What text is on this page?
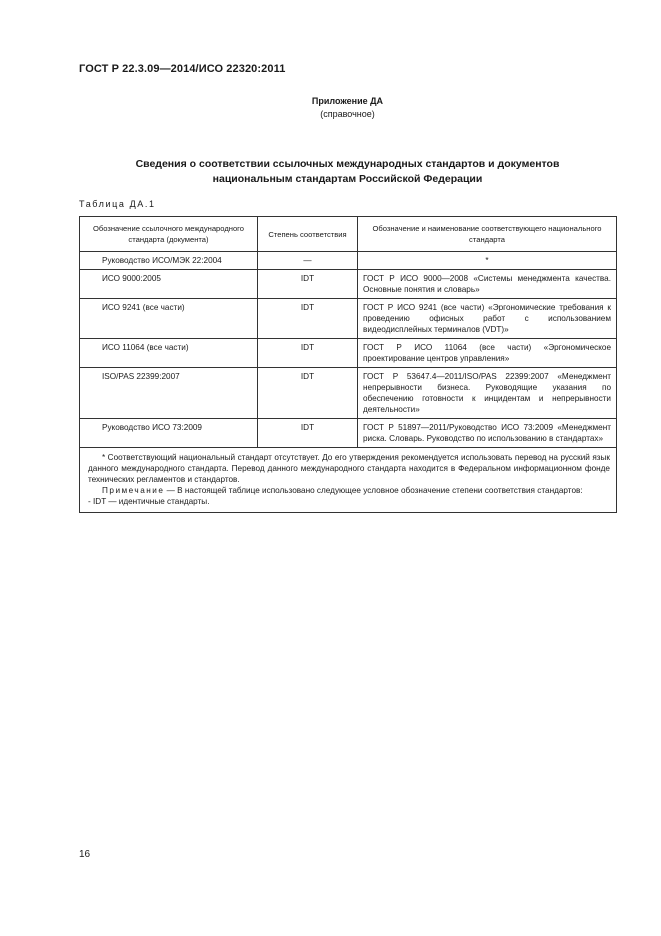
ГОСТ Р 22.3.09—2014/ИСО 22320:2011
Приложение ДА
(справочное)
Сведения о соответствии ссылочных международных стандартов и документов
национальным стандартам Российской Федерации
Таблица ДА.1
Обозначение ссылочного международного стандарта (документа)	Степень соответствия	Обозначение и наименование соответствующего национального стандарта
Руководство ИСО/МЭК 22:2004	—	*
ИСО 9000:2005	IDT	ГОСТ Р ИСО 9000—2008 «Системы менеджмента качества. Основные понятия и словарь»
ИСО 9241 (все части)	IDT	ГОСТ Р ИСО 9241 (все части) «Эргономические требования к проведению офисных работ с использованием видеодисплейных терминалов (VDT)»
ИСО 11064 (все части)	IDT	ГОСТ Р ИСО 11064 (все части) «Эргономическое проектирование центров управления»
ISO/PAS 22399:2007	IDT	ГОСТ Р 53647.4—2011/ISO/PAS 22399:2007 «Менеджмент непрерывности бизнеса. Руководящие указания по обеспечению готовности к инцидентам и непрерывности деятельности»
Руководство ИСО 73:2009	IDT	ГОСТ Р 51897—2011/Руководство ИСО 73:2009 «Менеджмент риска. Словарь. Руководство по использованию в стандартах»

* Соответствующий национальный стандарт отсутствует. До его утверждения рекомендуется использовать перевод на русский язык данного международного стандарта. Перевод данного международного стандарта находится в Федеральном информационном фонде технических регламентов и стандартов.

Примечание — В настоящей таблице использовано следующее условное обозначение степени соответствия стандартов:

- IDT — идентичные стандарты.		

16
